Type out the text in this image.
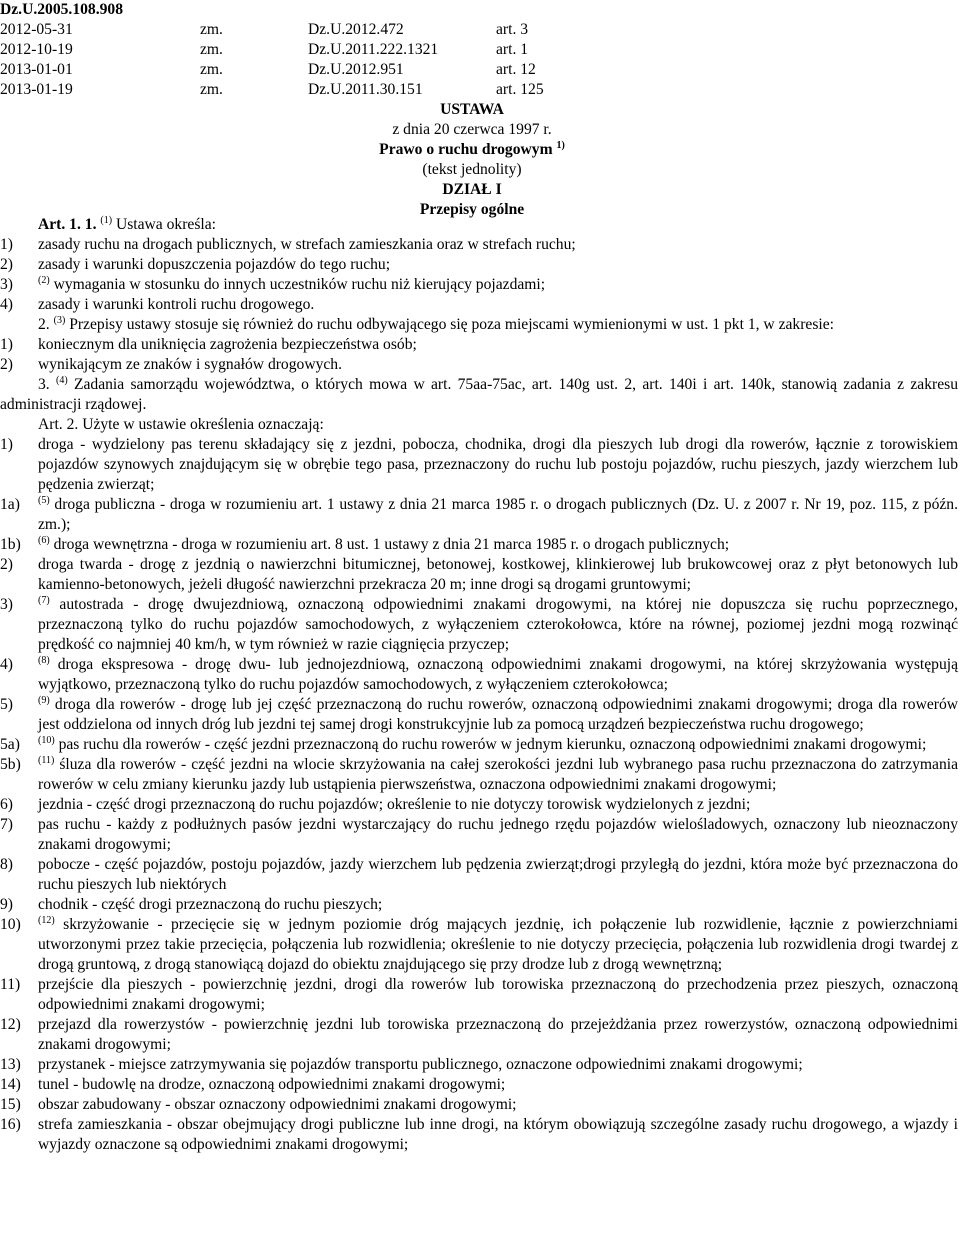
Dz.U.2005.108.908
2012-05-31	zm.	Dz.U.2012.472	art. 3
2012-10-19	zm.	Dz.U.2011.222.1321	art. 1
2013-01-01	zm.	Dz.U.2012.951	art. 12
2013-01-19	zm.	Dz.U.2011.30.151	art. 125
USTAWA
z dnia 20 czerwca 1997 r.
Prawo o ruchu drogowym $^{1)}$
(tekst jednolity)
DZIAŁ I
Przepisy ogólne
Art. 1. 1. $^{(1)}$ Ustawa określa:
1) zasady ruchu na drogach publicznych, w strefach zamieszkania oraz w strefach ruchu;
2) zasady i warunki dopuszczenia pojazdów do tego ruchu;
3)	$^{(2)}$ wymagania w stosunku do innych uczestników ruchu niż kierujący pojazdami;
4) zasady i warunki kontroli ruchu drogowego.
2. $^{(3)}$ Przepisy ustawy stosuje się również do ruchu odbywającego się poza miejscami wymienionymi w ust. 1 pkt 1, w zakresie:
1) koniecznym dla uniknięcia zagrożenia bezpieczeństwa osób;
2) wynikającym ze znaków i sygnałów drogowych.
3. $^{(4)}$ Zadania samorządu województwa, o których mowa w art. 75aa-75ac, art. 140g ust. 2, art. 140i i art. 140k, stanowią zadania z zakresu administracji rządowej.
Art. 2. Użyte w ustawie określenia oznaczają:
1) droga - wydzielony pas terenu składający się z jezdni, pobocza, chodnika, drogi dla pieszych lub drogi dla rowerów, łącznie z torowiskiem pojazdów szynowych znajdującym się w obrębie tego pasa, przeznaczony do ruchu lub postoju pojazdów, ruchu pieszych, jazdy wierzchem lub pędzenia zwierząt;
1a) $^{(5)}$ droga publiczna - droga w rozumieniu art. 1 ustawy z dnia 21 marca 1985 r. o drogach publicznych (Dz. U. z 2007 r. Nr 19, poz. 115, z późn. zm.);
1b) $^{(6)}$ droga wewnętrzna - droga w rozumieniu art. 8 ust. 1 ustawy z dnia 21 marca 1985 r. o drogach publicznych;
2) droga twarda - drogę z jezdnią o nawierzchni bitumicznej, betonowej, kostkowej, klinkierowej lub brukowcowej oraz z płyt betonowych lub kamienno-betonowych, jeżeli długość nawierzchni przekracza 20 m; inne drogi są drogami gruntowymi;
3)	$^{(7)}$ autostrada - drogę dwujezdniową, oznaczoną odpowiednimi znakami drogowymi, na której nie dopuszcza się ruchu poprzecznego, przeznaczoną tylko do ruchu pojazdów samochodowych, z wyłączeniem czterokołowca, które na równej, poziomej jezdni mogą rozwinąć prędkość co najmniej 40 km/h, w tym również w razie ciągnięcia przyczep;
4)	$^{(8)}$ droga ekspresowa - drogę dwu- lub jednojezdniową, oznaczoną odpowiednimi znakami drogowymi, na której skrzyżowania występują wyjątkowo, przeznaczoną tylko do ruchu pojazdów samochodowych, z wyłączeniem czterokołowca;
5)	$^{(9)}$ droga dla rowerów - drogę lub jej część przeznaczoną do ruchu rowerów, oznaczoną odpowiednimi znakami drogowymi; droga dla rowerów jest oddzielona od innych dróg lub jezdni tej samej drogi konstrukcyjnie lub za pomocą urządzeń bezpieczeństwa ruchu drogowego;
5a) $^{(10)}$ pas ruchu dla rowerów - część jezdni przeznaczoną do ruchu rowerów w jednym kierunku, oznaczoną odpowiednimi znakami drogowymi;
5b) $^{(11)}$ śluza dla rowerów - część jezdni na wlocie skrzyżowania na całej szerokości jezdni lub wybranego pasa ruchu przeznaczona do zatrzymania rowerów w celu zmiany kierunku jazdy lub ustąpienia pierwszeństwa, oznaczona odpowiednimi znakami drogowymi;
6) jezdnia - część drogi przeznaczoną do ruchu pojazdów; określenie to nie dotyczy torowisk wydzielonych z jezdni;
7) pas ruchu - każdy z podłużnych pasów jezdni wystarczający do ruchu jednego rzędu pojazdów wielośladowych, oznaczony lub nieoznaczony znakami drogowymi;
8) pobocze - część pojazdów, postoju pojazdów, jazdy wierzchem lub pędzenia zwierząt;drogi przyległą do jezdni, która może być przeznaczona do ruchu pieszych lub niektórych
9) chodnik - część drogi przeznaczoną do ruchu pieszych;
10) $^{(12)}$ skrzyżowanie - przecięcie się w jednym poziomie dróg mających jezdnię, ich połączenie lub rozwidlenie, łącznie z powierzchniami utworzonymi przez takie przecięcia, połączenia lub rozwidlenia; określenie to nie dotyczy przecięcia, połączenia lub rozwidlenia drogi twardej z drogą gruntową, z drogą stanowiącą dojazd do obiektu znajdującego się przy drodze lub z drogą wewnętrzną;
11) przejście dla pieszych - powierzchnię jezdni, drogi dla rowerów lub torowiska przeznaczoną do przechodzenia przez pieszych, oznaczoną odpowiednimi znakami drogowymi;
12) przejazd dla rowerzystów - powierzchnię jezdni lub torowiska przeznaczoną do przejeżdżania przez rowerzystów, oznaczoną odpowiednimi znakami drogowymi;
13) przystanek - miejsce zatrzymywania się pojazdów transportu publicznego, oznaczone odpowiednimi znakami drogowymi;
14) tunel - budowlę na drodze, oznaczoną odpowiednimi znakami drogowymi;
15) obszar zabudowany - obszar oznaczony odpowiednimi znakami drogowymi;
16) strefa zamieszkania - obszar obejmujący drogi publiczne lub inne drogi, na którym obowiązują szczególne zasady ruchu drogowego, a wjazdy i wyjazdy oznaczone są odpowiednimi znakami drogowymi;
